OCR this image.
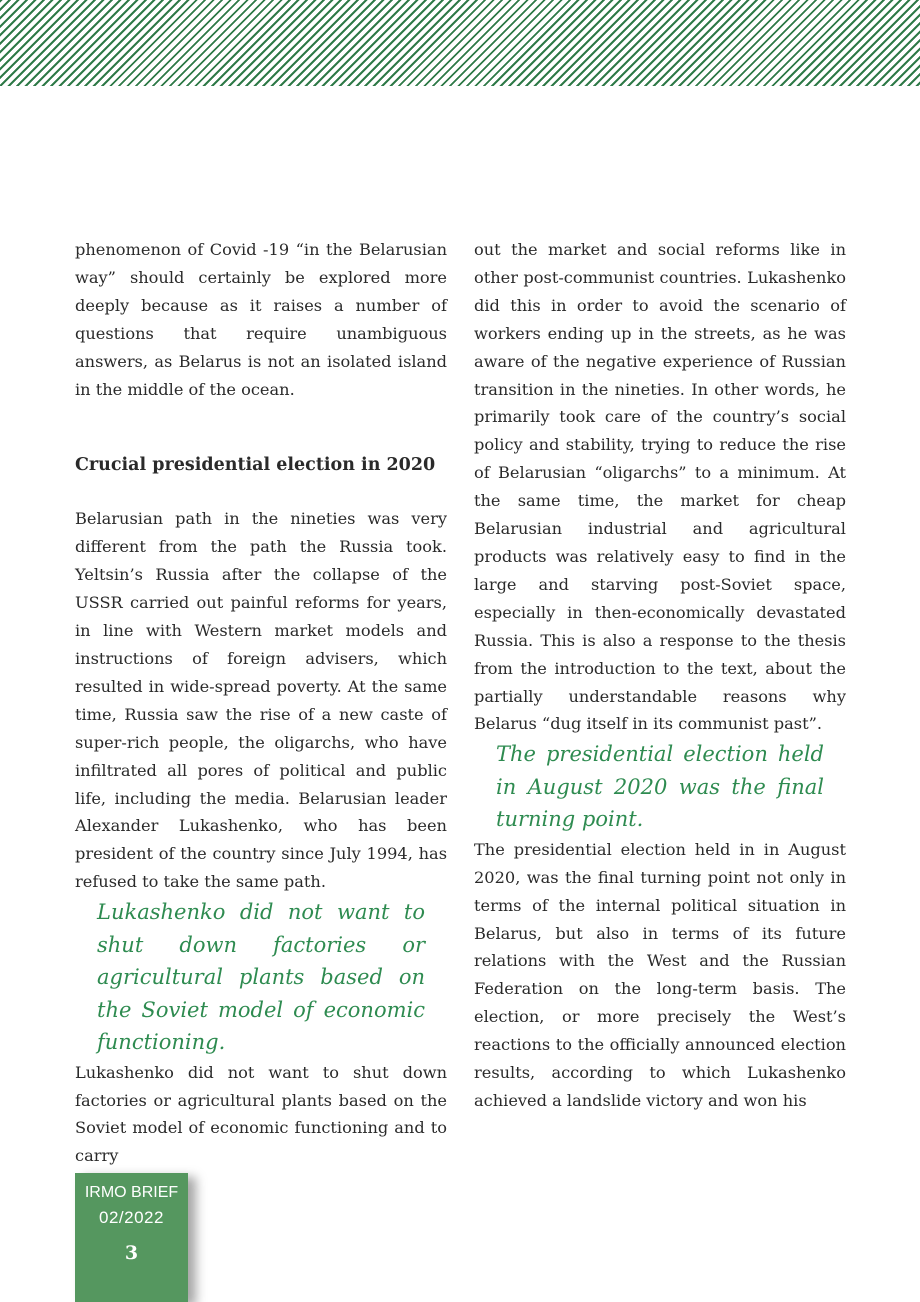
phenomenon of Covid -19 “in the Belarusian way” should certainly be explored more deeply because as it raises a number of questions that require unambiguous answers, as Belarus is not an isolated island in the middle of the ocean.

Crucial presidential election in 2020

Belarusian path in the nineties was very different from the path the Russia took. Yeltsin’s Russia after the collapse of the USSR carried out painful reforms for years, in line with Western market models and instructions of foreign advisers, which resulted in wide-spread poverty. At the same time, Russia saw the rise of a new caste of super-rich people, the oligarchs, who have infiltrated all pores of political and public life, including the media. Belarusian leader Alexander Lukashenko, who has been president of the country since July 1994, has refused to take the same path.

Lukashenko did not want to shut down factories or agricultural plants based on the Soviet model of economic functioning.

Lukashenko did not want to shut down factories or agricultural plants based on the Soviet model of economic functioning and to carry

out the market and social reforms like in other post-communist countries. Lukashenko did this in order to avoid the scenario of workers ending up in the streets, as he was aware of the negative experience of Russian transition in the nineties. In other words, he primarily took care of the country’s social policy and stability, trying to reduce the rise of Belarusian “oligarchs” to a minimum. At the same time, the market for cheap Belarusian industrial and agricultural products was relatively easy to find in the large and starving post-Soviet space, especially in then-economically devastated Russia. This is also a response to the thesis from the introduction to the text, about the partially understandable reasons why Belarus “dug itself in its communist past”.

The presidential election held in August 2020 was the final turning point.

The presidential election held in in August 2020, was the final turning point not only in terms of the internal political situation in Belarus, but also in terms of its future relations with the West and the Russian Federation on the long-term basis. The election, or more precisely the West’s reactions to the officially announced election results, according to which Lukashenko achieved a landslide victory and won his

IRMO BRIEF
02/2022
3
